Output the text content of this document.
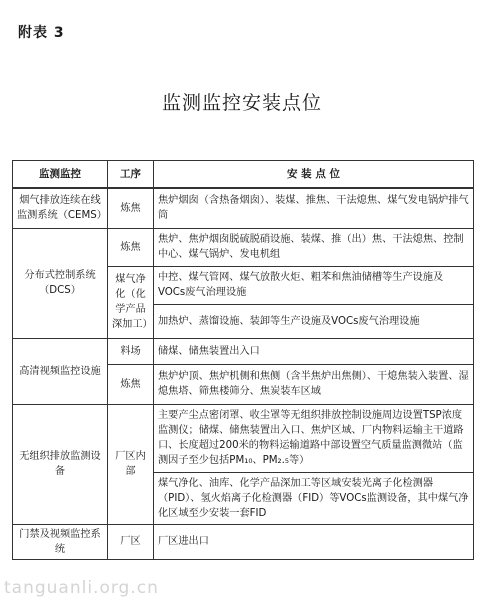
附表 3
监测监控安装点位
监测监控	工序	安 装 点 位
烟气排放连续在线监测系统（CEMS）	炼焦	焦炉烟囱（含热备烟囱）、装煤、推焦、干法熄焦、煤气发电锅炉排气筒
分布式控制系统（DCS）	炼焦	焦炉、焦炉烟囱脱硫脱硝设施、装煤、推（出）焦、干法熄焦、控制中心、煤气锅炉、发电机组
	煤气净化（化学产品深加工）	中控、煤气管网、煤气放散火炬、粗苯和焦油储槽等生产设施及VOCs废气治理设施
		加热炉、蒸馏设施、装卸等生产设施及VOCs废气治理设施
高清视频监控设施	料场	储煤、储焦装置出入口
	炼焦	焦炉炉顶、焦炉机侧和焦侧（含半焦炉出焦侧）、干熄焦装入装置、湿熄焦塔、筛焦楼筛分、焦炭装车区域
无组织排放监测设备	厂区内部	主要产尘点密闭罩、收尘罩等无组织排放控制设施周边设置TSP浓度监测仪；储煤、储焦装置出入口、焦炉区域、厂内物料运输主干道路口、长度超过200米的物料运输道路中部设置空气质量监测微站（监测因子至少包括PM₁₀、PM₂.₅等）
		煤气净化、油库、化学产品深加工等区域安装光离子化检测器（PID）、氢火焰离子化检测器（FID）等VOCs监测设备，其中煤气净化区域至少安装一套FID
门禁及视频监控系统	厂区	厂区进出口
tanguanli.org.cn
